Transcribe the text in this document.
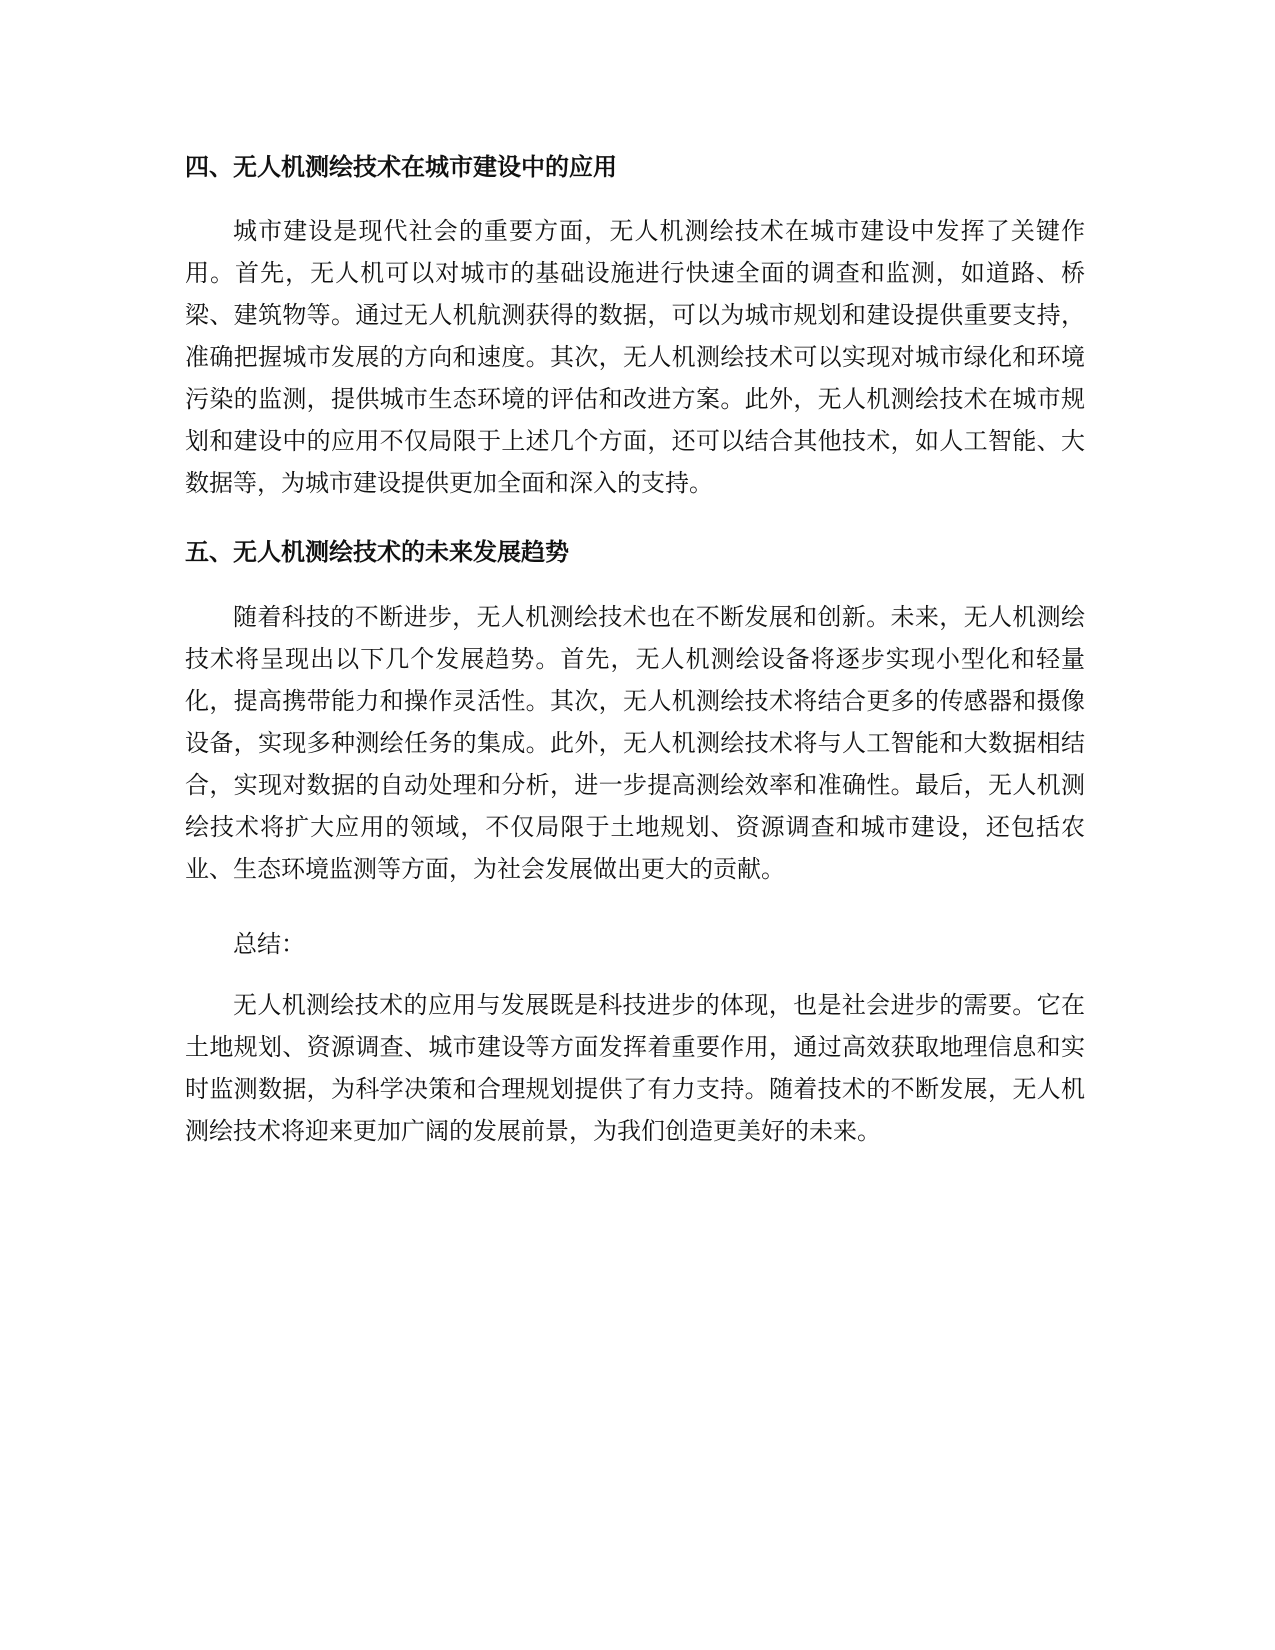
四、无人机测绘技术在城市建设中的应用

城市建设是现代社会的重要方面，无人机测绘技术在城市建设中发挥了关键作用。首先，无人机可以对城市的基础设施进行快速全面的调查和监测，如道路、桥梁、建筑物等。通过无人机航测获得的数据，可以为城市规划和建设提供重要支持，准确把握城市发展的方向和速度。其次，无人机测绘技术可以实现对城市绿化和环境污染的监测，提供城市生态环境的评估和改进方案。此外，无人机测绘技术在城市规划和建设中的应用不仅局限于上述几个方面，还可以结合其他技术，如人工智能、大数据等，为城市建设提供更加全面和深入的支持。

五、无人机测绘技术的未来发展趋势

随着科技的不断进步，无人机测绘技术也在不断发展和创新。未来，无人机测绘技术将呈现出以下几个发展趋势。首先，无人机测绘设备将逐步实现小型化和轻量化，提高携带能力和操作灵活性。其次，无人机测绘技术将结合更多的传感器和摄像设备，实现多种测绘任务的集成。此外，无人机测绘技术将与人工智能和大数据相结合，实现对数据的自动处理和分析，进一步提高测绘效率和准确性。最后，无人机测绘技术将扩大应用的领域，不仅局限于土地规划、资源调查和城市建设，还包括农业、生态环境监测等方面，为社会发展做出更大的贡献。

总结：

无人机测绘技术的应用与发展既是科技进步的体现，也是社会进步的需要。它在土地规划、资源调查、城市建设等方面发挥着重要作用，通过高效获取地理信息和实时监测数据，为科学决策和合理规划提供了有力支持。随着技术的不断发展，无人机测绘技术将迎来更加广阔的发展前景，为我们创造更美好的未来。
